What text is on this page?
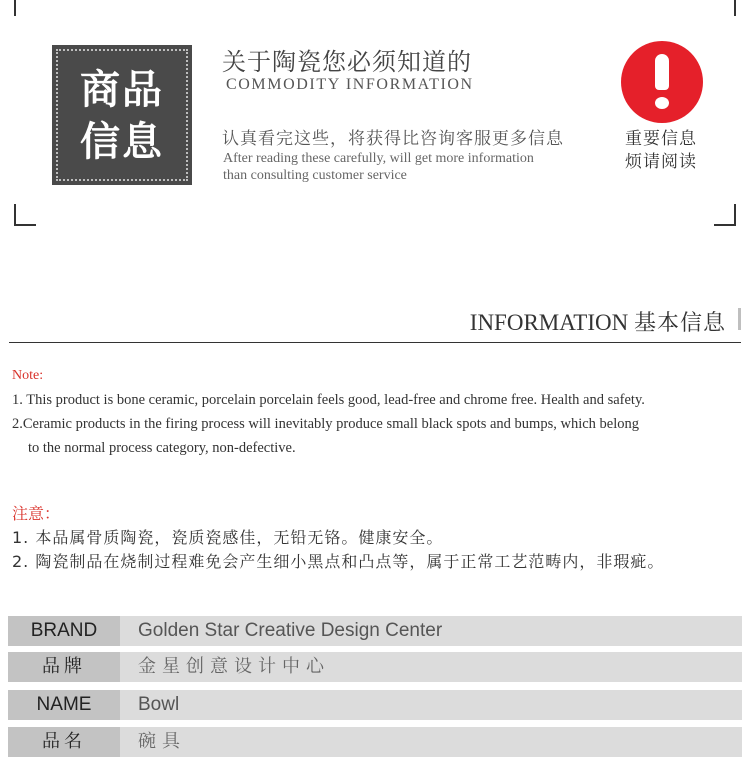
商品
信息
关于陶瓷您必须知道的
COMMODITY INFORMATION
认真看完这些，将获得比咨询客服更多信息
After reading these carefully, will get more information
than consulting customer service
重要信息
烦请阅读
INFORMATION 基本信息
Note:
1. This product is bone ceramic, porcelain porcelain feels good, lead-free and chrome free. Health and safety.
2.Ceramic products in the firing process will inevitably produce small black spots and bumps, which belong
to the normal process category, non-defective.
注意：
1. 本品属骨质陶瓷，瓷质瓷感佳，无铅无铬。健康安全。
2. 陶瓷制品在烧制过程难免会产生细小黑点和凸点等，属于正常工艺范畴内，非瑕疵。
BRAND	Golden Star Creative Design Center
品牌	金星创意设计中心
NAME	Bowl
品名	碗具
